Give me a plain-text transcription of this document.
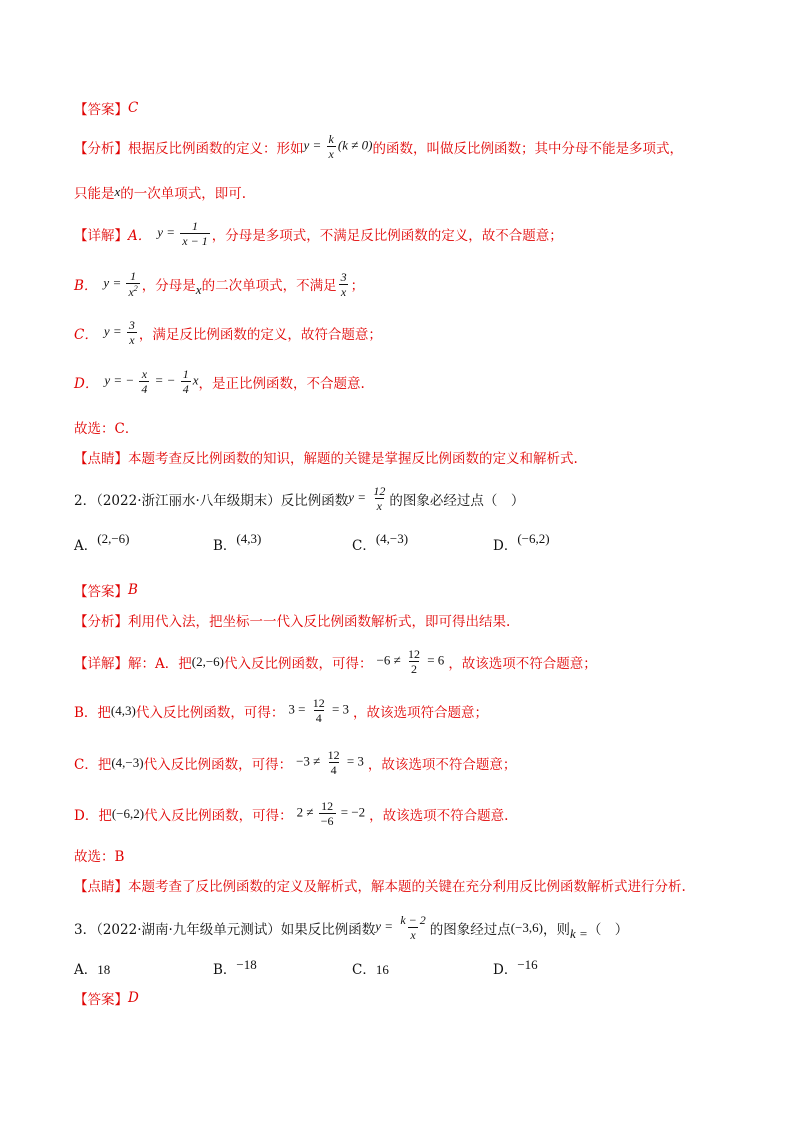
【答案】 C
【分析】 根据反比例函数的定义：形如 $y = \frac{k}{x} (k \ne 0)$ 的函数，叫做反比例函数；其中分母不能是多项式，
只能是 x 的一次单项式，即可.
【详解】 A． $y = \frac{1}{x - 1}$ ，分母是多项式，不满足反比例函数的定义，故不合题意；
B． $y = \frac{1}{x^2}$ ，分母是 x 的二次单项式，不满足 $\frac{3}{x}$ ；
C． $y = \frac{3}{x}$ ，满足反比例函数的定义，故符合题意；
D． y = − $\frac{x}{4}$ = − $\frac{1}{4}$ x ，是正比例函数，不合题意.
故选：C．
【点睛】 本题考查反比例函数的知识，解题的关键是掌握反比例函数的定义和解析式.
2．（2022·浙江丽水·八年级期末）反比例函数 $y = \frac{12}{x}$ 的图象必经过点（　）
A．(2,−6)	B．(4,3)	C．(4,−3)	D．(−6,2)
【答案】 B
【分析】 利用代入法，把坐标一一代入反比例函数解析式，即可得出结果.
【详解】 解：A．把 (2,−6) 代入反比例函数，可得： $-6 \ne \frac{12}{2} = 6$ ，故该选项不符合题意；
B．把 (4,3) 代入反比例函数，可得： $3 = \frac{12}{4} = 3$ ，故该选项符合题意；
C．把 (4,−3) 代入反比例函数，可得： $-3 \ne \frac{12}{4} = 3$ ，故该选项不符合题意；
D．把 (−6,2) 代入反比例函数，可得： $2 \ne \frac{12}{-6} = -2$ ，故该选项不符合题意.
故选：B
【点睛】 本题考查了反比例函数的定义及解析式，解本题的关键在充分利用反比例函数解析式进行分析.
3．（2022·湖南·九年级单元测试）如果反比例函数 $y = \frac{k - 2}{x}$ 的图象经过点 (−3,6) ，则 k = （　）
A．18	B．−18	C．16	D．−16
【答案】 D
